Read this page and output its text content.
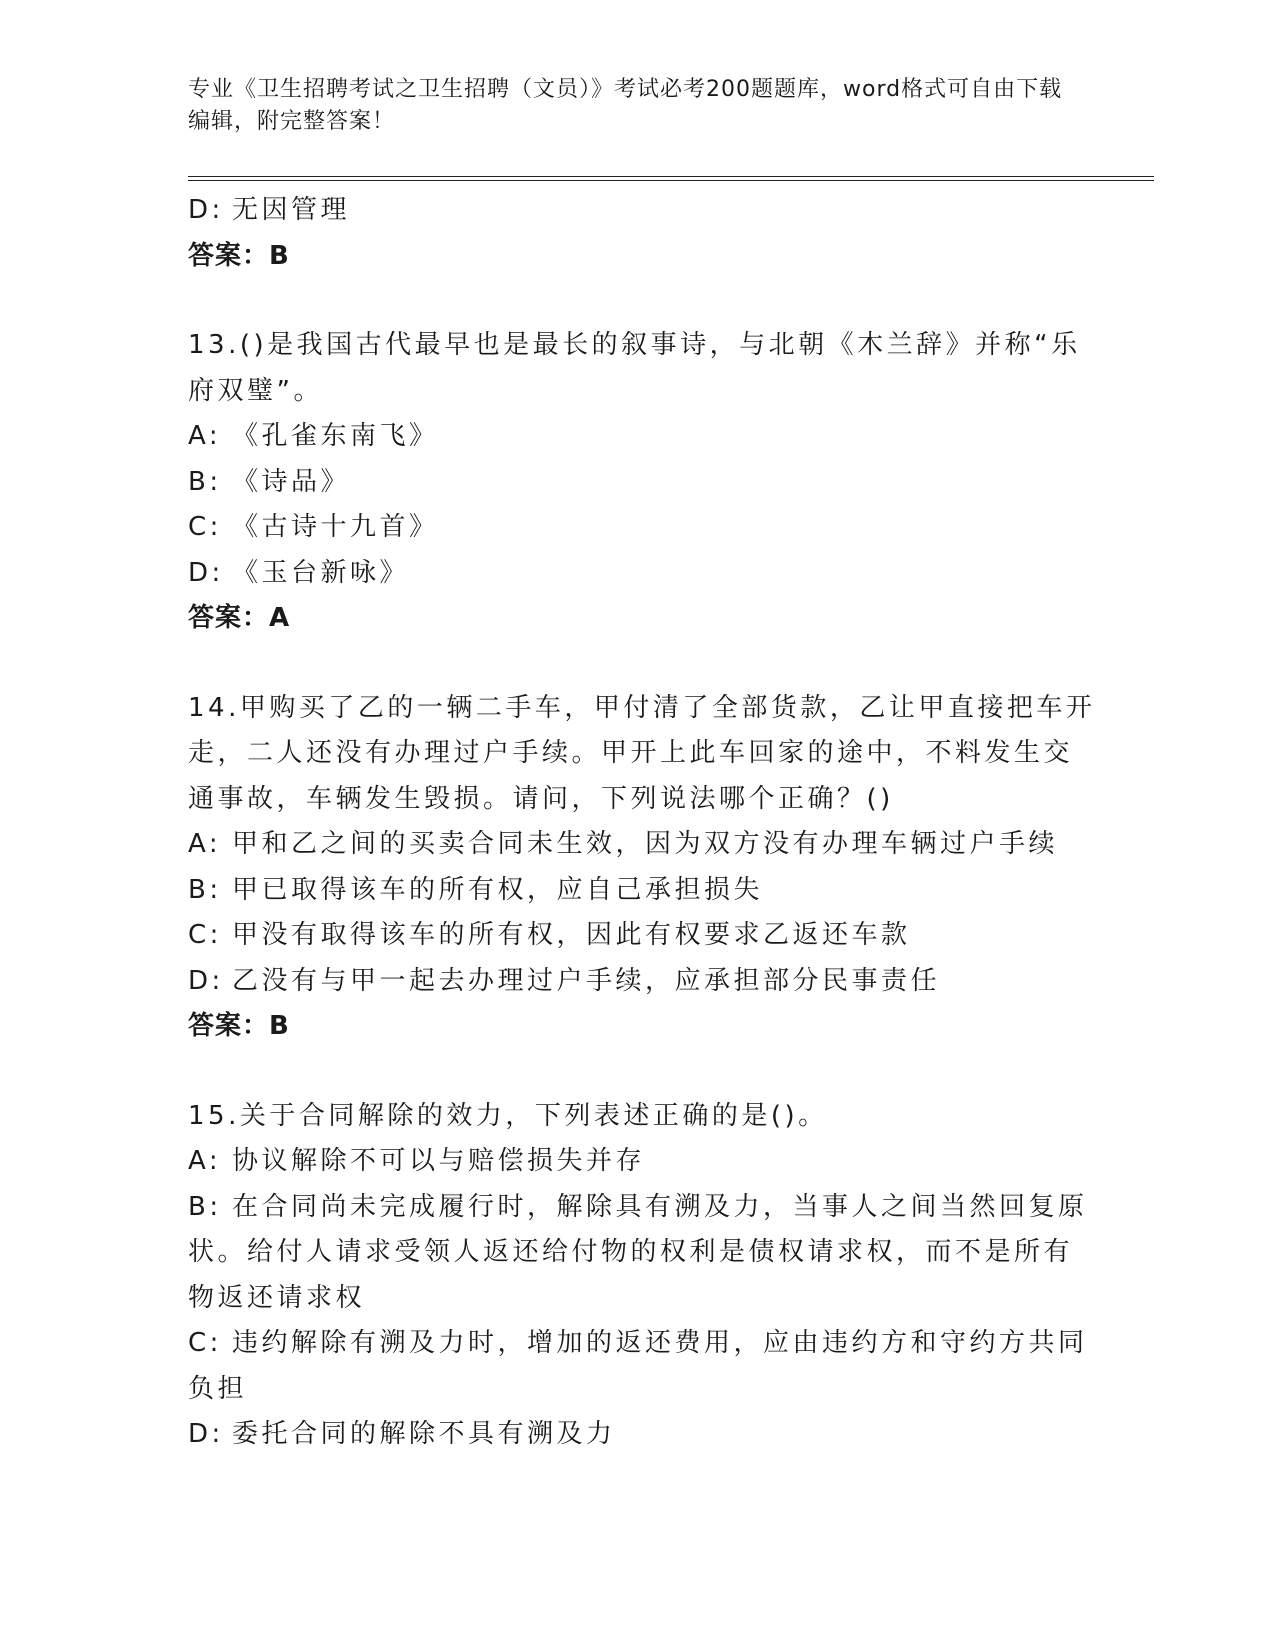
专业《卫生招聘考试之卫生招聘（文员）》考试必考200题题库，word格式可自由下载编辑，附完整答案！

D: 无因管理

答案：B

13.()是我国古代最早也是最长的叙事诗，与北朝《木兰辞》并称“乐

府双璧”。

A: 《孔雀东南飞》

B: 《诗品》

C: 《古诗十九首》

D: 《玉台新咏》

答案：A

14.甲购买了乙的一辆二手车，甲付清了全部货款，乙让甲直接把车开

走，二人还没有办理过户手续。甲开上此车回家的途中，不料发生交

通事故，车辆发生毁损。请问，下列说法哪个正确？()

A: 甲和乙之间的买卖合同未生效，因为双方没有办理车辆过户手续

B: 甲已取得该车的所有权，应自己承担损失

C: 甲没有取得该车的所有权，因此有权要求乙返还车款

D: 乙没有与甲一起去办理过户手续，应承担部分民事责任

答案：B

15.关于合同解除的效力，下列表述正确的是()。

A: 协议解除不可以与赔偿损失并存

B: 在合同尚未完成履行时，解除具有溯及力，当事人之间当然回复原

状。给付人请求受领人返还给付物的权利是债权请求权，而不是所有

物返还请求权

C: 违约解除有溯及力时，增加的返还费用，应由违约方和守约方共同

负担

D: 委托合同的解除不具有溯及力
